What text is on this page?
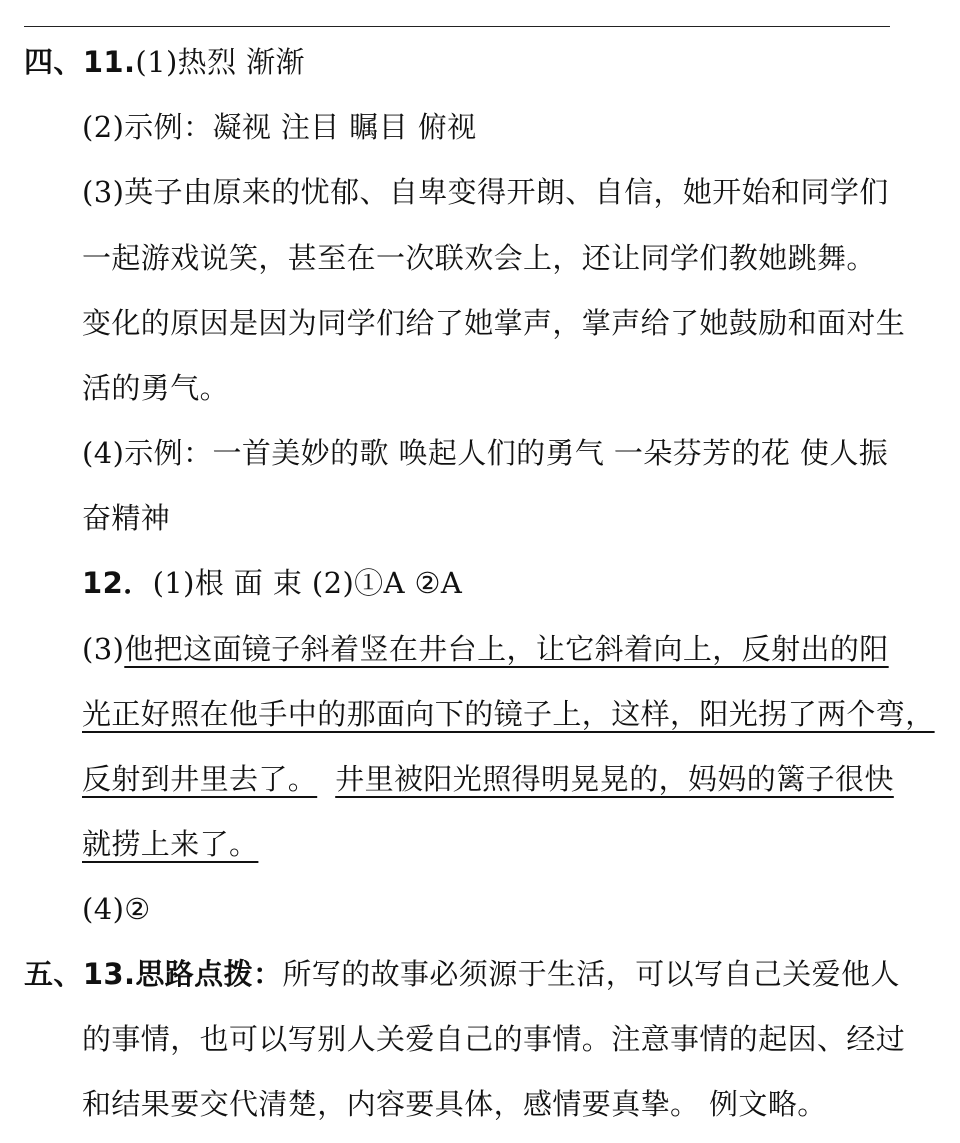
四、11.(1)热烈 渐渐
(2)示例：凝视 注目 瞩目 俯视
(3)英子由原来的忧郁、自卑变得开朗、自信，她开始和同学们
一起游戏说笑，甚至在一次联欢会上，还让同学们教她跳舞。
变化的原因是因为同学们给了她掌声，掌声给了她鼓励和面对生
活的勇气。
(4)示例：一首美妙的歌 唤起人们的勇气 一朵芬芳的花 使人振
奋精神
12．(1)根 面 束 (2)①A ②A
(3)他把这面镜子斜着竖在井台上，让它斜着向上，反射出的阳
光正好照在他手中的那面向下的镜子上，这样，阳光拐了两个弯，
反射到井里去了。 井里被阳光照得明晃晃的，妈妈的篱子很快
就捞上来了。
(4)②
五、13.思路点拨：所写的故事必须源于生活，可以写自己关爱他人
的事情，也可以写别人关爱自己的事情。注意事情的起因、经过
和结果要交代清楚，内容要具体，感情要真挚。 例文略。
